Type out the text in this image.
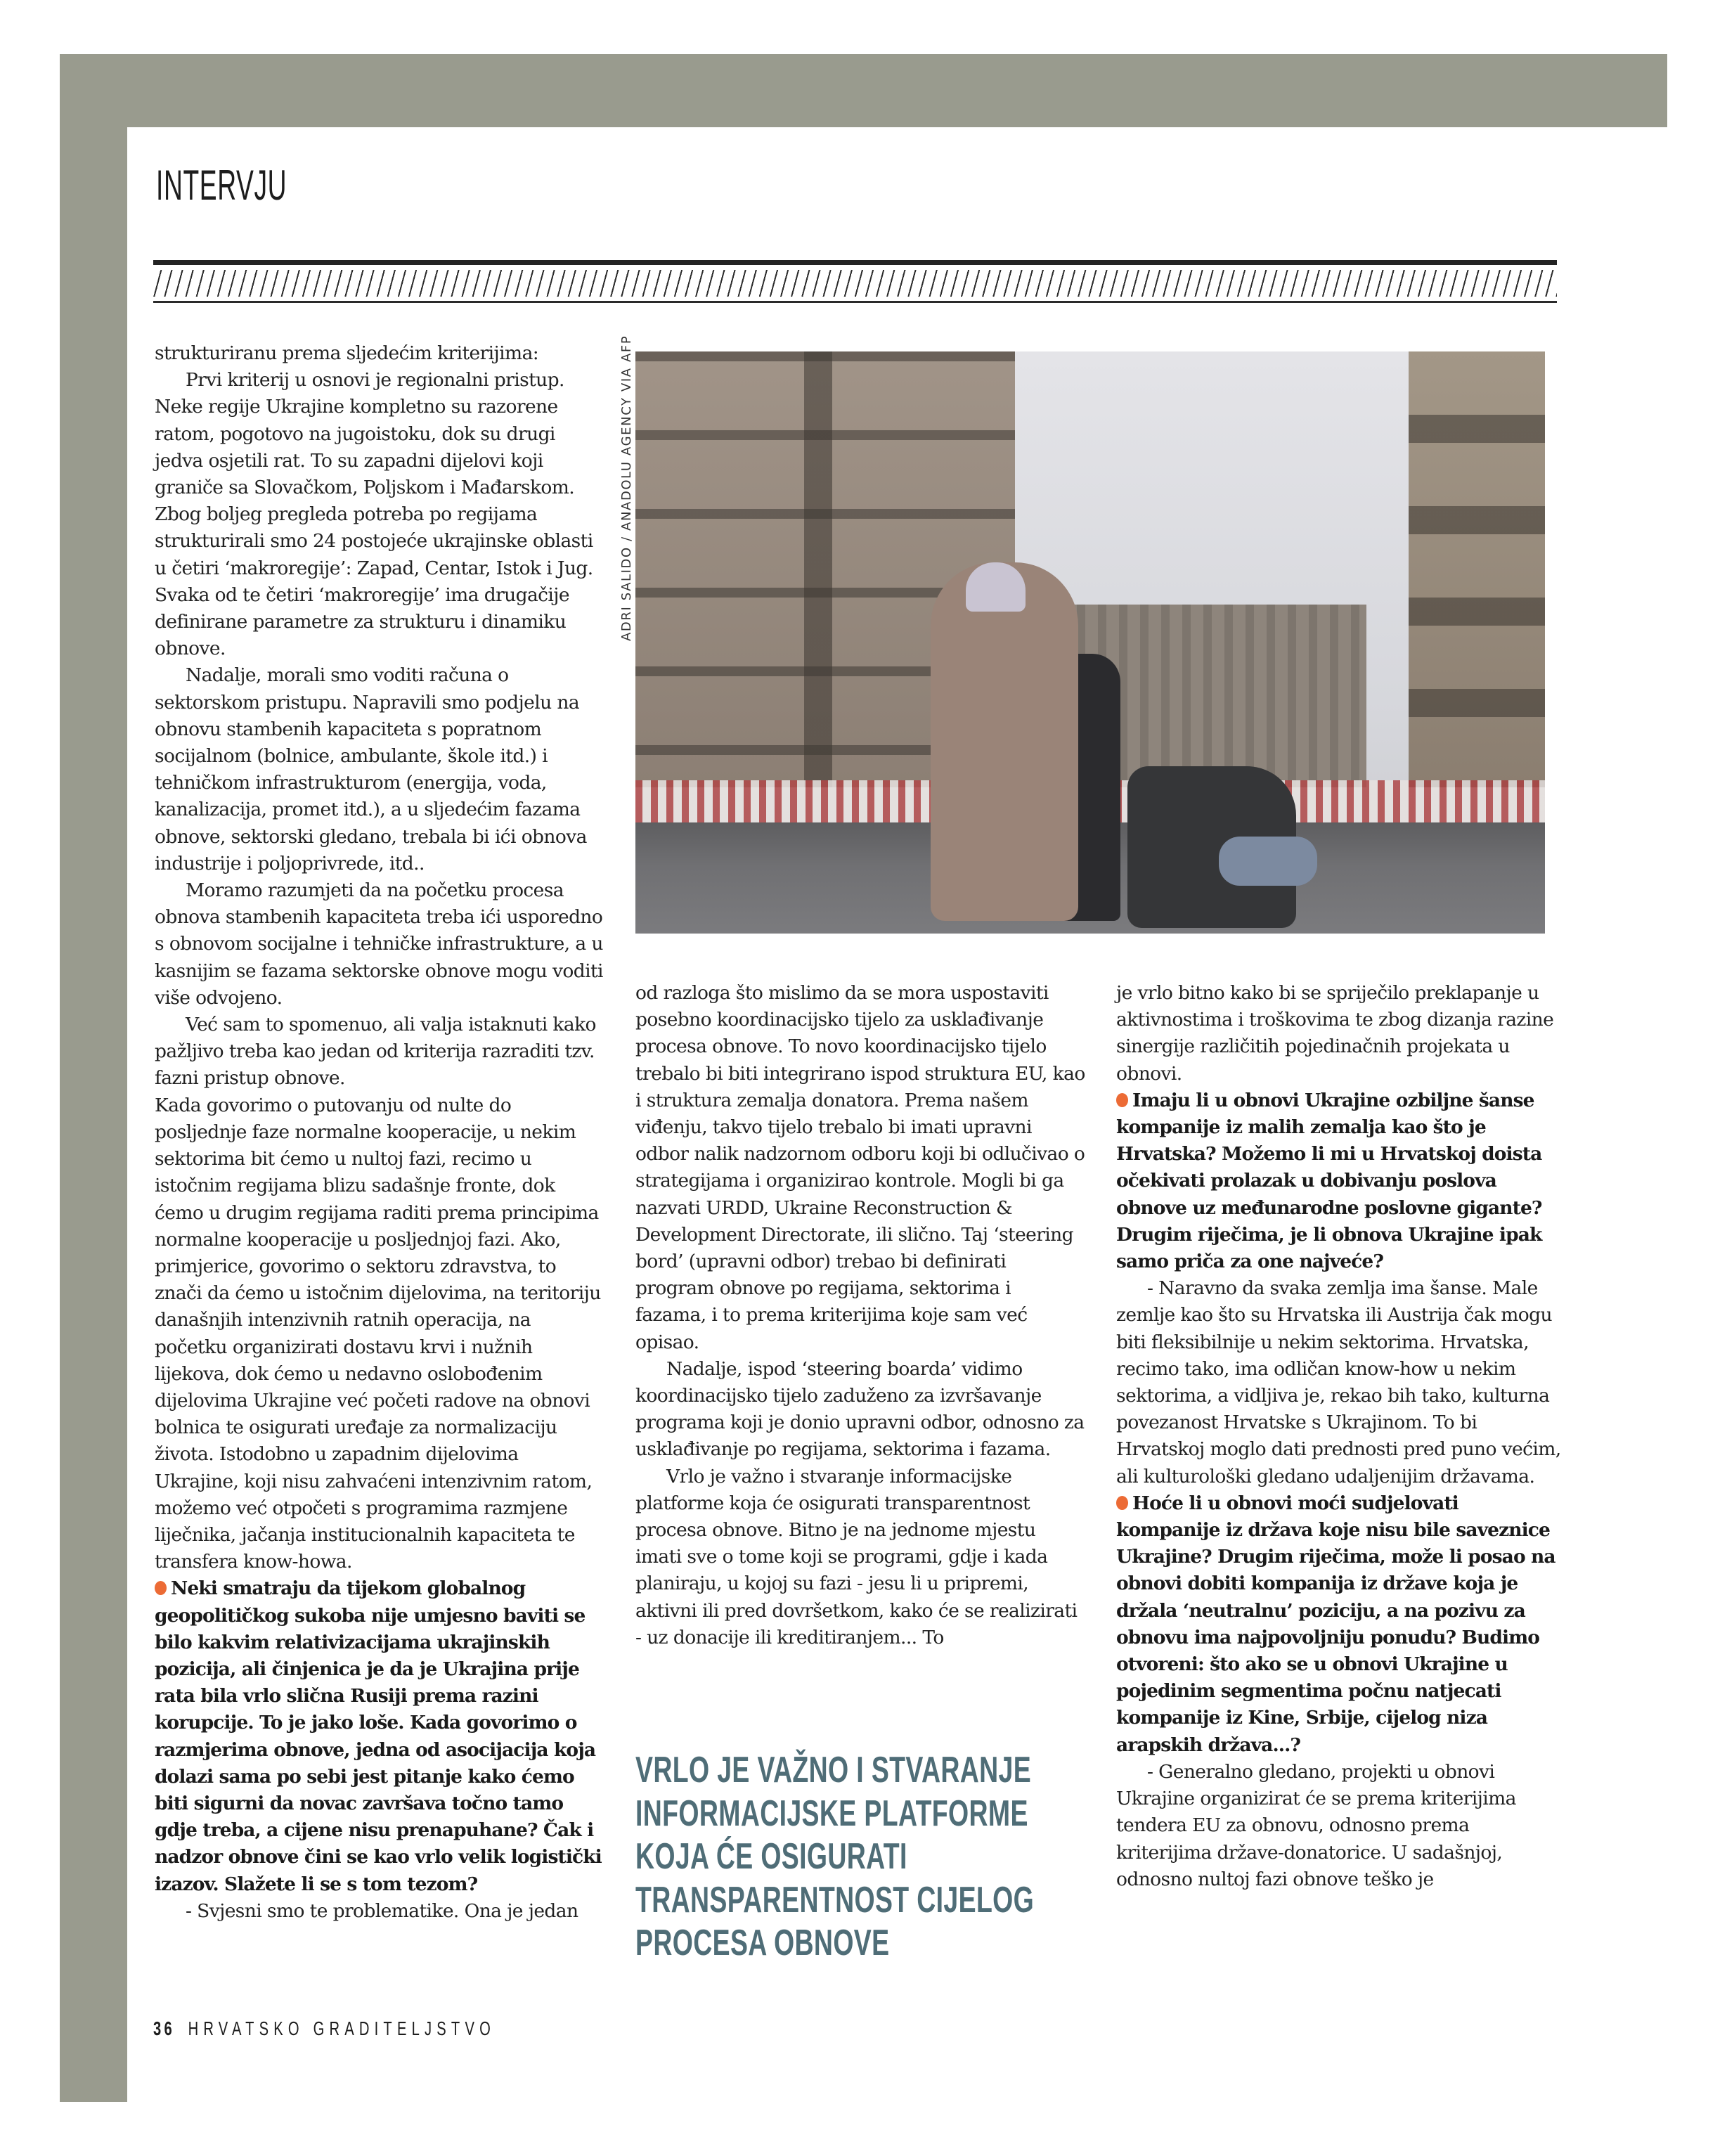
INTERVJU

strukturiranu prema sljedećim kriterijima:

Prvi kriterij u osnovi je regionalni pristup. Neke regije Ukrajine kompletno su razorene ratom, pogotovo na jugoistoku, dok su drugi jedva osjetili rat. To su zapadni dijelovi koji graniče sa Slovačkom, Poljskom i Mađarskom. Zbog boljeg pregleda potreba po regijama strukturirali smo 24 postojeće ukrajinske oblasti u četiri ‘makroregije’: Zapad, Centar, Istok i Jug. Svaka od te četiri ‘makroregije’ ima drugačije definirane parametre za strukturu i dinamiku obnove.

Nadalje, morali smo voditi računa o sektorskom pristupu. Napravili smo podjelu na obnovu stambenih kapaciteta s popratnom socijalnom (bolnice, ambulante, škole itd.) i tehničkom infrastrukturom (energija, voda, kanalizacija, promet itd.), a u sljedećim fazama obnove, sektorski gledano, trebala bi ići obnova industrije i poljoprivrede, itd..

Moramo razumjeti da na početku procesa obnova stambenih kapaciteta treba ići usporedno s obnovom socijalne i tehničke infrastrukture, a u kasnijim se fazama sektorske obnove mogu voditi više odvojeno.

Već sam to spomenuo, ali valja istaknuti kako pažljivo treba kao jedan od kriterija razraditi tzv. fazni pristup obnove.

Kada govorimo o putovanju od nulte do posljednje faze normalne kooperacije, u nekim sektorima bit ćemo u nultoj fazi, recimo u istočnim regijama blizu sadašnje fronte, dok ćemo u drugim regijama raditi prema principima normalne kooperacije u posljednjoj fazi. Ako, primjerice, govorimo o sektoru zdravstva, to znači da ćemo u istočnim dijelovima, na teritoriju današnjih intenzivnih ratnih operacija, na početku organizirati dostavu krvi i nužnih lijekova, dok ćemo u nedavno oslobođenim dijelovima Ukrajine već početi radove na obnovi bolnica te osigurati uređaje za normalizaciju života. Istodobno u zapadnim dijelovima Ukrajine, koji nisu zahvaćeni intenzivnim ratom, možemo već otpočeti s programima razmjene liječnika, jačanja institucionalnih kapaciteta te transfera know-howa.

Neki smatraju da tijekom globalnog geopolitičkog sukoba nije umjesno baviti se bilo kakvim relativizacijama ukrajinskih pozicija, ali činjenica je da je Ukrajina prije rata bila vrlo slična Rusiji prema razini korupcije. To je jako loše. Kada govorimo o razmjerima obnove, jedna od asocijacija koja dolazi sama po sebi jest pitanje kako ćemo biti sigurni da novac završava točno tamo gdje treba, a cijene nisu prenapuhane? Čak i nadzor obnove čini se kao vrlo velik logistički izazov. Slažete li se s tom tezom?

- Svjesni smo te problematike. Ona je jedan

ADRI SALIDO / ANADOLU AGENCY VIA AFP

od razloga što mislimo da se mora uspostaviti posebno koordinacijsko tijelo za usklađivanje procesa obnove. To novo koordinacijsko tijelo trebalo bi biti integrirano ispod struktura EU, kao i struktura zemalja donatora. Prema našem viđenju, takvo tijelo trebalo bi imati upravni odbor nalik nadzornom odboru koji bi odlučivao o strategijama i organizirao kontrole. Mogli bi ga nazvati URDD, Ukraine Reconstruction & Development Directorate, ili slično. Taj ‘steering bord’ (upravni odbor) trebao bi definirati program obnove po regijama, sektorima i fazama, i to prema kriterijima koje sam već opisao.

Nadalje, ispod ‘steering boarda’ vidimo koordinacijsko tijelo zaduženo za izvršavanje programa koji je donio upravni odbor, odnosno za usklađivanje po regijama, sektorima i fazama.

Vrlo je važno i stvaranje informacijske platforme koja će osigurati transparentnost procesa obnove. Bitno je na jednome mjestu imati sve o tome koji se programi, gdje i kada planiraju, u kojoj su fazi - jesu li u pripremi, aktivni ili pred dovršetkom, kako će se realizirati - uz donacije ili kreditiranjem... To

VRLO JE VAŽNO I STVARANJE
INFORMACIJSKE PLATFORME
KOJA ĆE OSIGURATI
TRANSPARENTNOST CIJELOG
PROCESA OBNOVE

je vrlo bitno kako bi se spriječilo preklapanje u aktivnostima i troškovima te zbog dizanja razine sinergije različitih pojedinačnih projekata u obnovi.

Imaju li u obnovi Ukrajine ozbiljne šanse kompanije iz malih zemalja kao što je Hrvatska? Možemo li mi u Hrvatskoj doista očekivati prolazak u dobivanju poslova obnove uz međunarodne poslovne gigante? Drugim riječima, je li obnova Ukrajine ipak samo priča za one najveće?

- Naravno da svaka zemlja ima šanse. Male zemlje kao što su Hrvatska ili Austrija čak mogu biti fleksibilnije u nekim sektorima. Hrvatska, recimo tako, ima odličan know-how u nekim sektorima, a vidljiva je, rekao bih tako, kulturna povezanost Hrvatske s Ukrajinom. To bi Hrvatskoj moglo dati prednosti pred puno većim, ali kulturološki gledano udaljenijim državama.

Hoće li u obnovi moći sudjelovati kompanije iz država koje nisu bile saveznice Ukrajine? Drugim riječima, može li posao na obnovi dobiti kompanija iz države koja je držala ‘neutralnu’ poziciju, a na pozivu za obnovu ima najpovoljniju ponudu? Budimo otvoreni: što ako se u obnovi Ukrajine u pojedinim segmentima počnu natjecati kompanije iz Kine, Srbije, cijelog niza arapskih država...?

- Generalno gledano, projekti u obnovi Ukrajine organizirat će se prema kriterijima tendera EU za obnovu, odnosno prema kriterijima države-donatorice. U sadašnjoj, odnosno nultoj fazi obnove teško je

36 HRVATSKO GRADITELJSTVO
